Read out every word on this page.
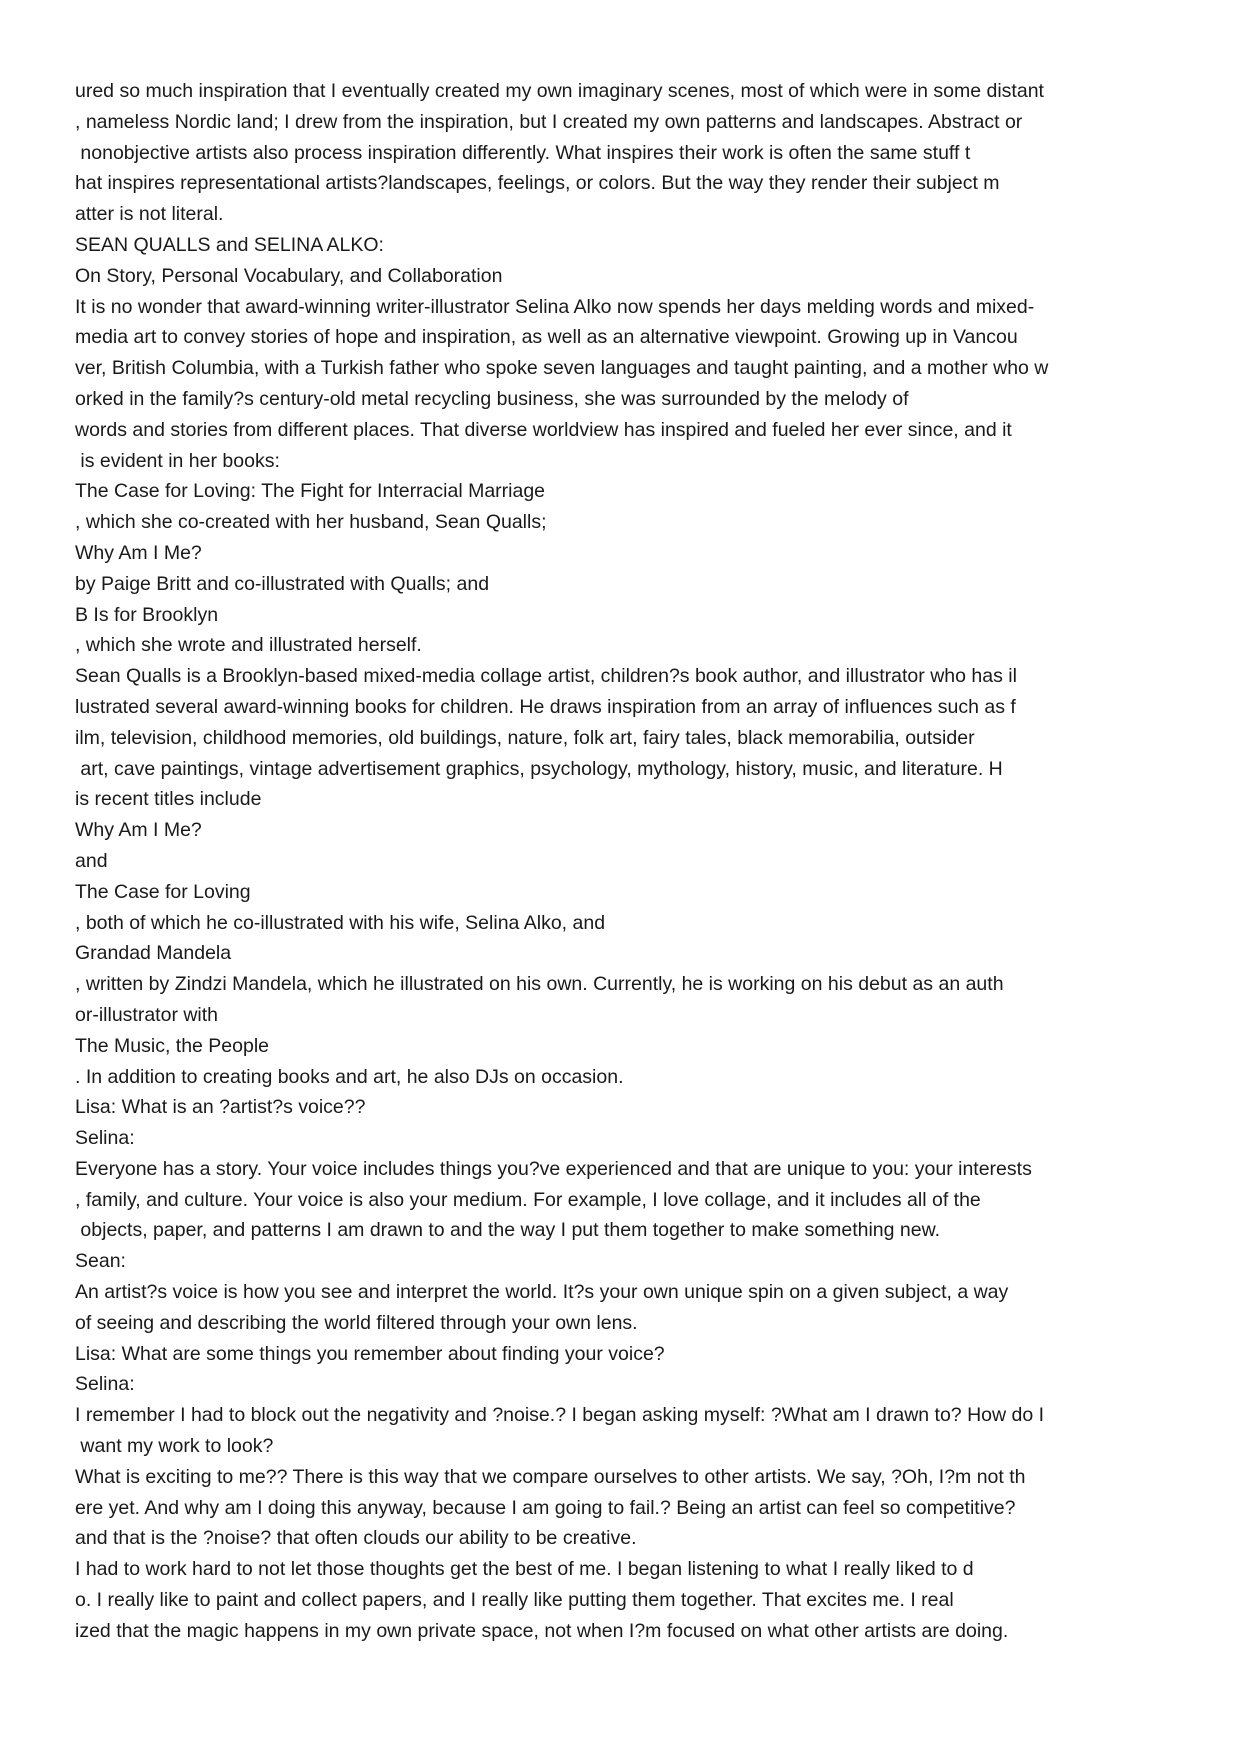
ured so much inspiration that I eventually created my own imaginary scenes, most of which were in some distant
, nameless Nordic land; I drew from the inspiration, but I created my own patterns and landscapes. Abstract or
nonobjective artists also process inspiration differently. What inspires their work is often the same stuff t
hat inspires representational artists?landscapes, feelings, or colors. But the way they render their subject m
atter is not literal.
SEAN QUALLS and SELINA ALKO:
On Story, Personal Vocabulary, and Collaboration
It is no wonder that award-winning writer-illustrator Selina Alko now spends her days melding words and mixed-
media art to convey stories of hope and inspiration, as well as an alternative viewpoint. Growing up in Vancou
ver, British Columbia, with a Turkish father who spoke seven languages and taught painting, and a mother who w
orked in the family?s century-old metal recycling business, she was surrounded by the melody of
words and stories from different places. That diverse worldview has inspired and fueled her ever since, and it
is evident in her books:
The Case for Loving: The Fight for Interracial Marriage
, which she co-created with her husband, Sean Qualls;
Why Am I Me?
by Paige Britt and co-illustrated with Qualls; and
B Is for Brooklyn
, which she wrote and illustrated herself.
Sean Qualls is a Brooklyn-based mixed-media collage artist, children?s book author, and illustrator who has il
lustrated several award-winning books for children. He draws inspiration from an array of influences such as f
ilm, television, childhood memories, old buildings, nature, folk art, fairy tales, black memorabilia, outsider
art, cave paintings, vintage advertisement graphics, psychology, mythology, history, music, and literature. H
is recent titles include
Why Am I Me?
and
The Case for Loving
, both of which he co-illustrated with his wife, Selina Alko, and
Grandad Mandela
, written by Zindzi Mandela, which he illustrated on his own. Currently, he is working on his debut as an auth
or-illustrator with
The Music, the People
. In addition to creating books and art, he also DJs on occasion.
Lisa: What is an ?artist?s voice??
Selina:
Everyone has a story. Your voice includes things you?ve experienced and that are unique to you: your interests
, family, and culture. Your voice is also your medium. For example, I love collage, and it includes all of the
objects, paper, and patterns I am drawn to and the way I put them together to make something new.
Sean:
An artist?s voice is how you see and interpret the world. It?s your own unique spin on a given subject, a way
of seeing and describing the world filtered through your own lens.
Lisa: What are some things you remember about finding your voice?
Selina:
I remember I had to block out the negativity and ?noise.? I began asking myself: ?What am I drawn to? How do I
want my work to look?
What is exciting to me?? There is this way that we compare ourselves to other artists. We say, ?Oh, I?m not th
ere yet. And why am I doing this anyway, because I am going to fail.? Being an artist can feel so competitive?
and that is the ?noise? that often clouds our ability to be creative.
I had to work hard to not let those thoughts get the best of me. I began listening to what I really liked to d
o. I really like to paint and collect papers, and I really like putting them together. That excites me. I real
ized that the magic happens in my own private space, not when I?m focused on what other artists are doing.
